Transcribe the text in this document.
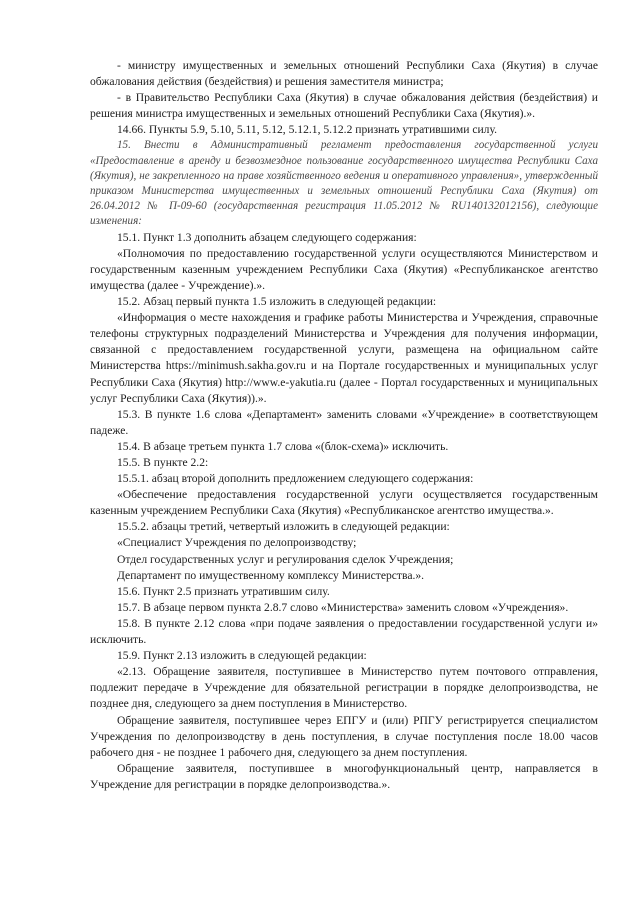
- министру имущественных и земельных отношений Республики Саха (Якутия) в случае обжалования действия (бездействия) и решения заместителя министра;

- в Правительство Республики Саха (Якутия) в случае обжалования действия (бездействия) и решения министра имущественных и земельных отношений Республики Саха (Якутия).».

14.66. Пункты 5.9, 5.10, 5.11, 5.12, 5.12.1, 5.12.2 признать утратившими силу.

15. Внести в Административный регламент предоставления государственной услуги «Предоставление в аренду и безвозмездное пользование государственного имущества Республики Саха (Якутия), не закрепленного на праве хозяйственного ведения и оперативного управления», утвержденный приказом Министерства имущественных и земельных отношений Республики Саха (Якутия) от 26.04.2012 № П-09-60 (государственная регистрация 11.05.2012 № RU140132012156), следующие изменения:

15.1. Пункт 1.3 дополнить абзацем следующего содержания:

«Полномочия по предоставлению государственной услуги осуществляются Министерством и государственным казенным учреждением Республики Саха (Якутия) «Республиканское агентство имущества (далее - Учреждение).».

15.2. Абзац первый пункта 1.5 изложить в следующей редакции:

«Информация о месте нахождения и графике работы Министерства и Учреждения, справочные телефоны структурных подразделений Министерства и Учреждения для получения информации, связанной с предоставлением государственной услуги, размещена на официальном сайте Министерства https://minimush.sakha.gov.ru и на Портале государственных и муниципальных услуг Республики Саха (Якутия) http://www.e-yakutia.ru (далее - Портал государственных и муниципальных услуг Республики Саха (Якутия)).».

15.3. В пункте 1.6 слова «Департамент» заменить словами «Учреждение» в соответствующем падеже.

15.4. В абзаце третьем пункта 1.7 слова «(блок-схема)» исключить.

15.5. В пункте 2.2:

15.5.1. абзац второй дополнить предложением следующего содержания:

«Обеспечение предоставления государственной услуги осуществляется государственным казенным учреждением Республики Саха (Якутия) «Республиканское агентство имущества.».

15.5.2. абзацы третий, четвертый изложить в следующей редакции:

«Специалист Учреждения по делопроизводству;

Отдел государственных услуг и регулирования сделок Учреждения;

Департамент по имущественному комплексу Министерства.».

15.6. Пункт 2.5 признать утратившим силу.

15.7. В абзаце первом пункта 2.8.7 слово «Министерства» заменить словом «Учреждения».

15.8. В пункте 2.12 слова «при подаче заявления о предоставлении государственной услуги и» исключить.

15.9. Пункт 2.13 изложить в следующей редакции:

«2.13. Обращение заявителя, поступившее в Министерство путем почтового отправления, подлежит передаче в Учреждение для обязательной регистрации в порядке делопроизводства, не позднее дня, следующего за днем поступления в Министерство.

Обращение заявителя, поступившее через ЕПГУ и (или) РПГУ регистрируется специалистом Учреждения по делопроизводству в день поступления, в случае поступления после 18.00 часов рабочего дня - не позднее 1 рабочего дня, следующего за днем поступления.

Обращение заявителя, поступившее в многофункциональный центр, направляется в Учреждение для регистрации в порядке делопроизводства.».
